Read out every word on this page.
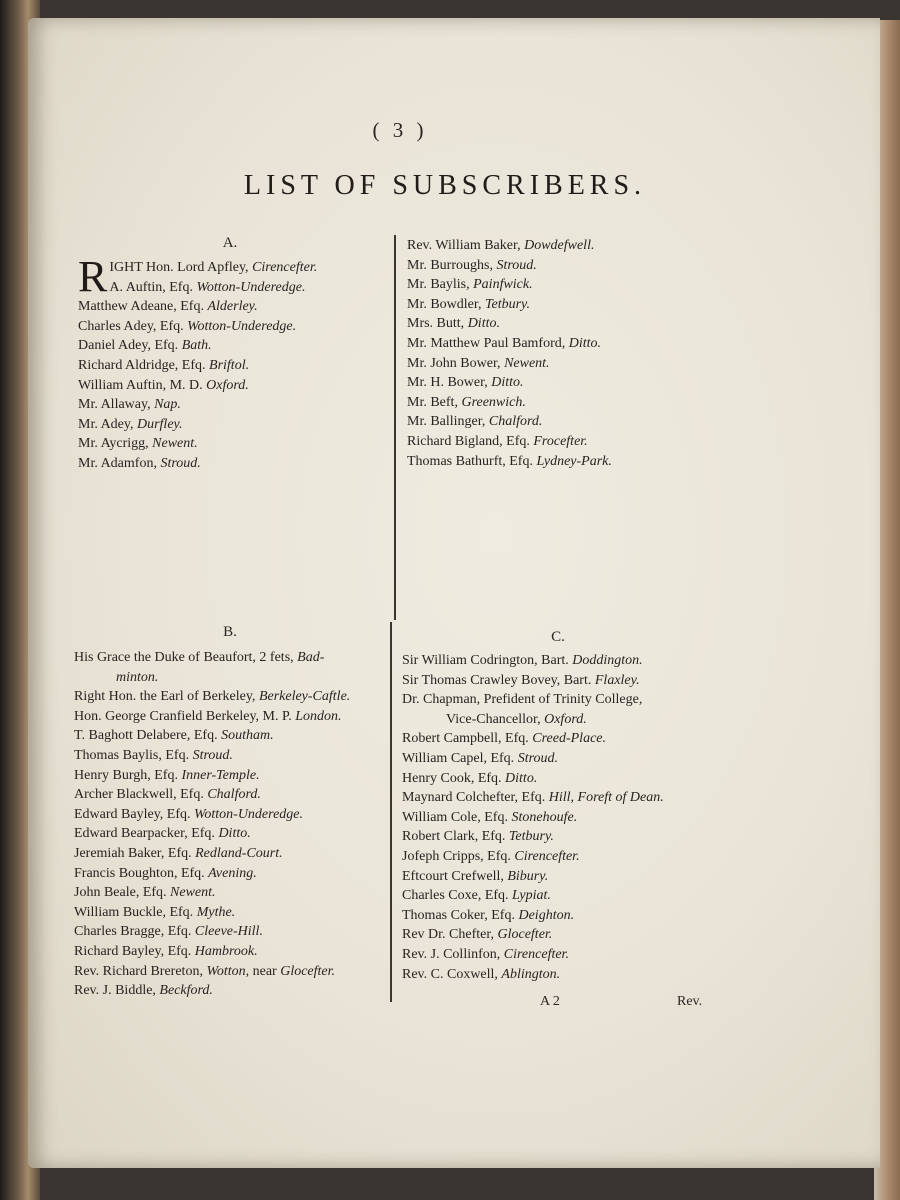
( 3 )
LIST OF SUBSCRIBERS.
A.
RIGHT Hon. Lord Apfley, Cirencefter.
A. Auftin, Efq. Wotton-Underedge.
Matthew Adeane, Efq. Alderley.
Charles Adey, Efq. Wotton-Underedge.
Daniel Adey, Efq. Bath.
Richard Aldridge, Efq. Briftol.
William Auftin, M. D. Oxford.
Mr. Allaway, Nap.
Mr. Adey, Durfley.
Mr. Aycrigg, Newent.
Mr. Adamfon, Stroud.
Rev. William Baker, Dowdefwell.
Mr. Burroughs, Stroud.
Mr. Baylis, Painfwick.
Mr. Bowdler, Tetbury.
Mrs. Butt, Ditto.
Mr. Matthew Paul Bamford, Ditto.
Mr. John Bower, Newent.
Mr. H. Bower, Ditto.
Mr. Beft, Greenwich.
Mr. Ballinger, Chalford.
Richard Bigland, Efq. Frocefter.
Thomas Bathurft, Efq. Lydney-Park.
B.	C.
His Grace the Duke of Beaufort, 2 fets, Bad-
minton.
Right Hon. the Earl of Berkeley, Berkeley-Caftle.
Hon. George Cranfield Berkeley, M. P. London.
T. Baghott Delabere, Efq. Southam.
Thomas Baylis, Efq. Stroud.
Henry Burgh, Efq. Inner-Temple.
Archer Blackwell, Efq. Chalford.
Edward Bayley, Efq. Wotton-Underedge.
Edward Bearpacker, Efq. Ditto.
Jeremiah Baker, Efq. Redland-Court.
Francis Boughton, Efq. Avening.
John Beale, Efq. Newent.
William Buckle, Efq. Mythe.
Charles Bragge, Efq. Cleeve-Hill.
Richard Bayley, Efq. Hambrook.
Rev. Richard Brereton, Wotton, near Glocefter.
Rev. J. Biddle, Beckford.
Sir William Codrington, Bart. Doddington.
Sir Thomas Crawley Bovey, Bart. Flaxley.
Dr. Chapman, Prefident of Trinity College,
Vice-Chancellor, Oxford.
Robert Campbell, Efq. Creed-Place.
William Capel, Efq. Stroud.
Henry Cook, Efq. Ditto.
Maynard Colchefter, Efq. Hill, Foreft of Dean.
William Cole, Efq. Stonehoufe.
Robert Clark, Efq. Tetbury.
Jofeph Cripps, Efq. Cirencefter.
Eftcourt Crefwell, Bibury.
Charles Coxe, Efq. Lypiat.
Thomas Coker, Efq. Deighton.
Rev Dr. Chefter, Glocefter.
Rev. J. Collinfon, Cirencefter.
Rev. C. Coxwell, Ablington.
A 2	Rev.
